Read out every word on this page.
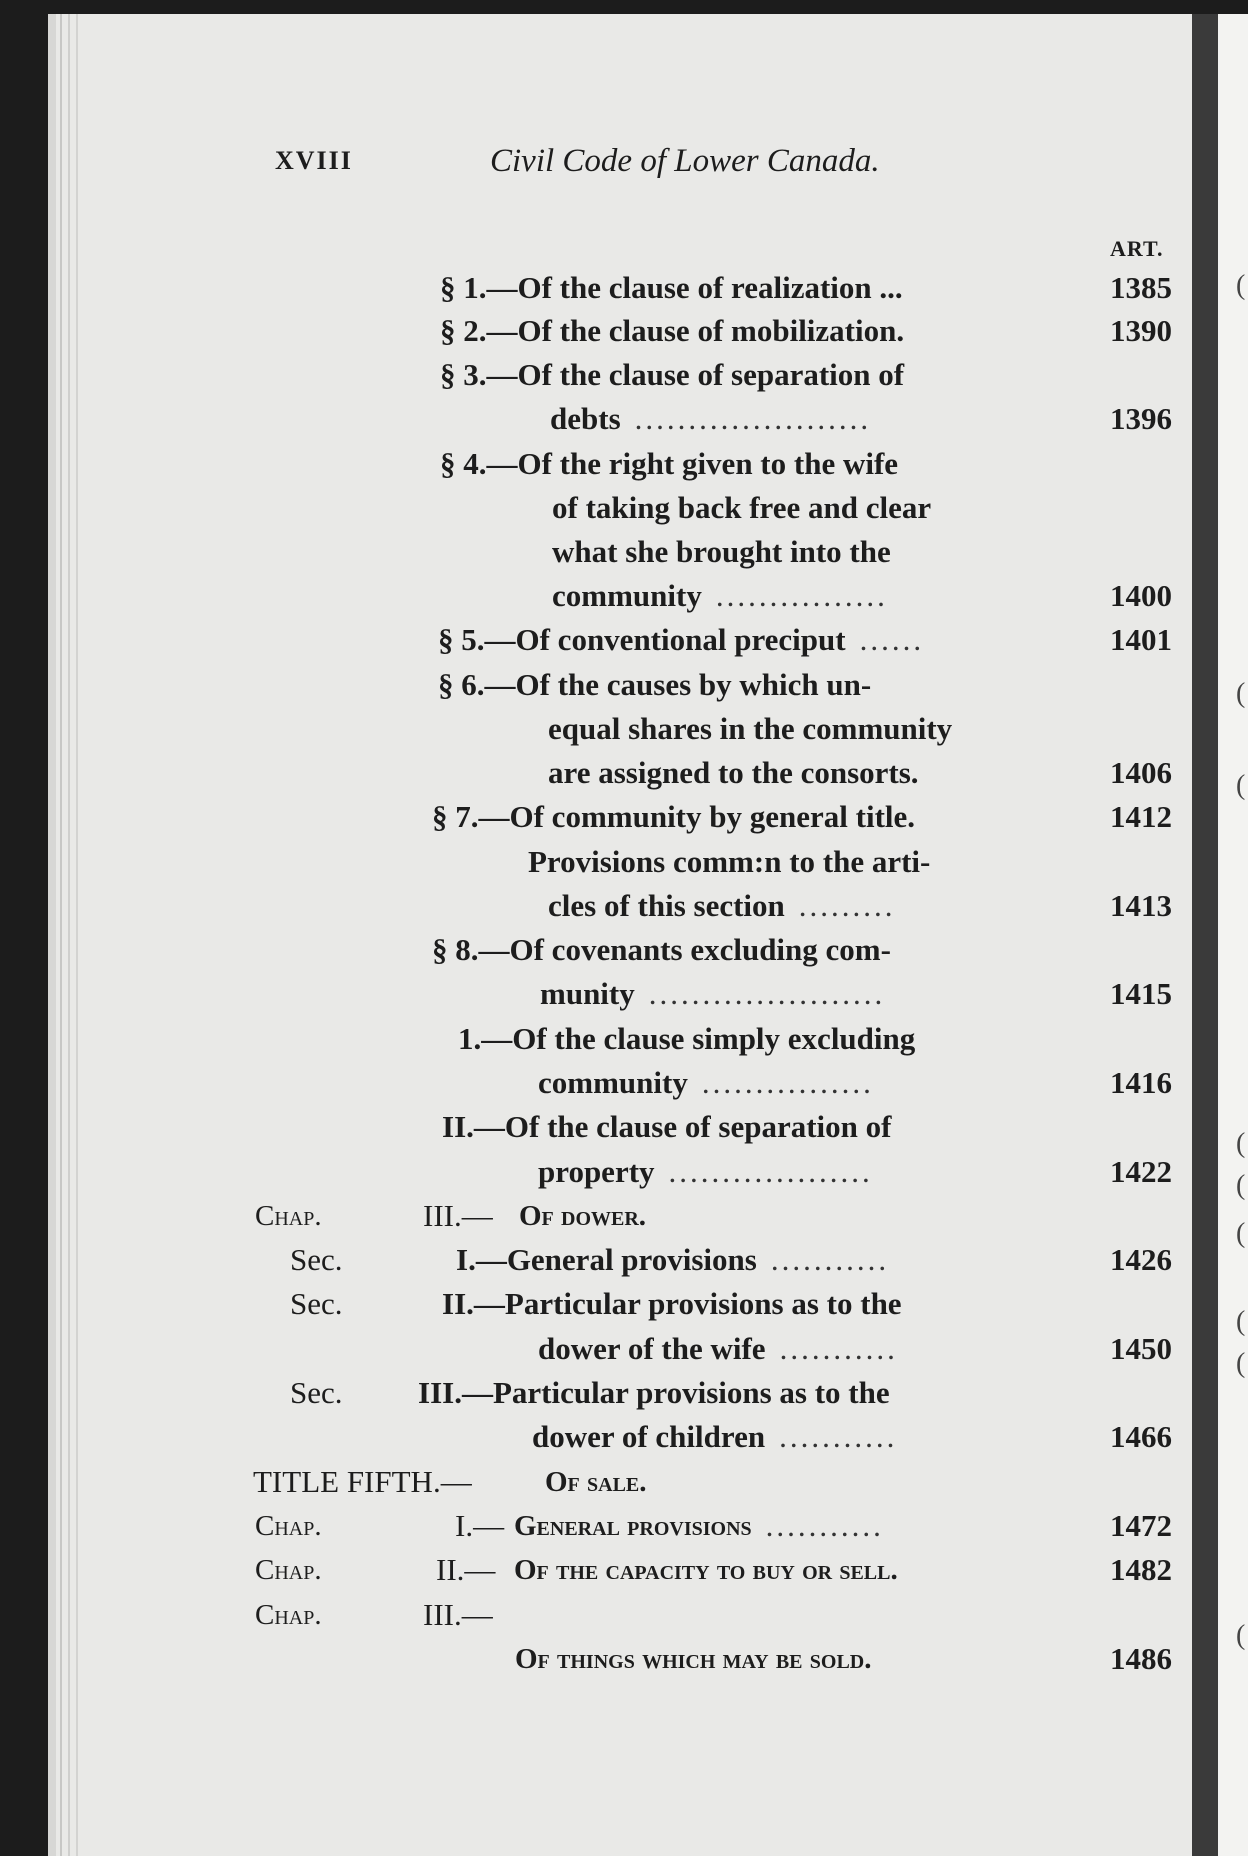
(
(
(
(
(
(
(
(
(
XVIII	Civil Code of Lower Canada.
ART.
§ 1.—Of the clause of realization ...	1385
§ 2.—Of the clause of mobilization.	1390
§ 3.—Of the clause of separation of
debts ......................	1396
§ 4.—Of the right given to the wife
of taking back free and clear
what she brought into the
community ................	1400
§ 5.—Of conventional preciput ......	1401
§ 6.—Of the causes by which un-
equal shares in the community
are assigned to the consorts.	1406
§ 7.—Of community by general title.	1412
Provisions comm:n to the arti-
cles of this section .........	1413
§ 8.—Of covenants excluding com-
munity ......................	1415
1.—Of the clause simply excluding
community ................	1416
II.—Of the clause of separation of
property ...................	1422
Chap.	III.— Of dower.
Sec.	I.—General provisions ...........	1426
Sec.	II.—Particular provisions as to the
dower of the wife ...........	1450
Sec. III.—Particular provisions as to the
dower of children ...........	1466
TITLE FIFTH.—	Of sale.
Chap.	I.— General provisions ...........	1472
Chap.	II.— Of the capacity to buy or sell.	1482
Chap.	III.—
Of things which may be sold.	1486
